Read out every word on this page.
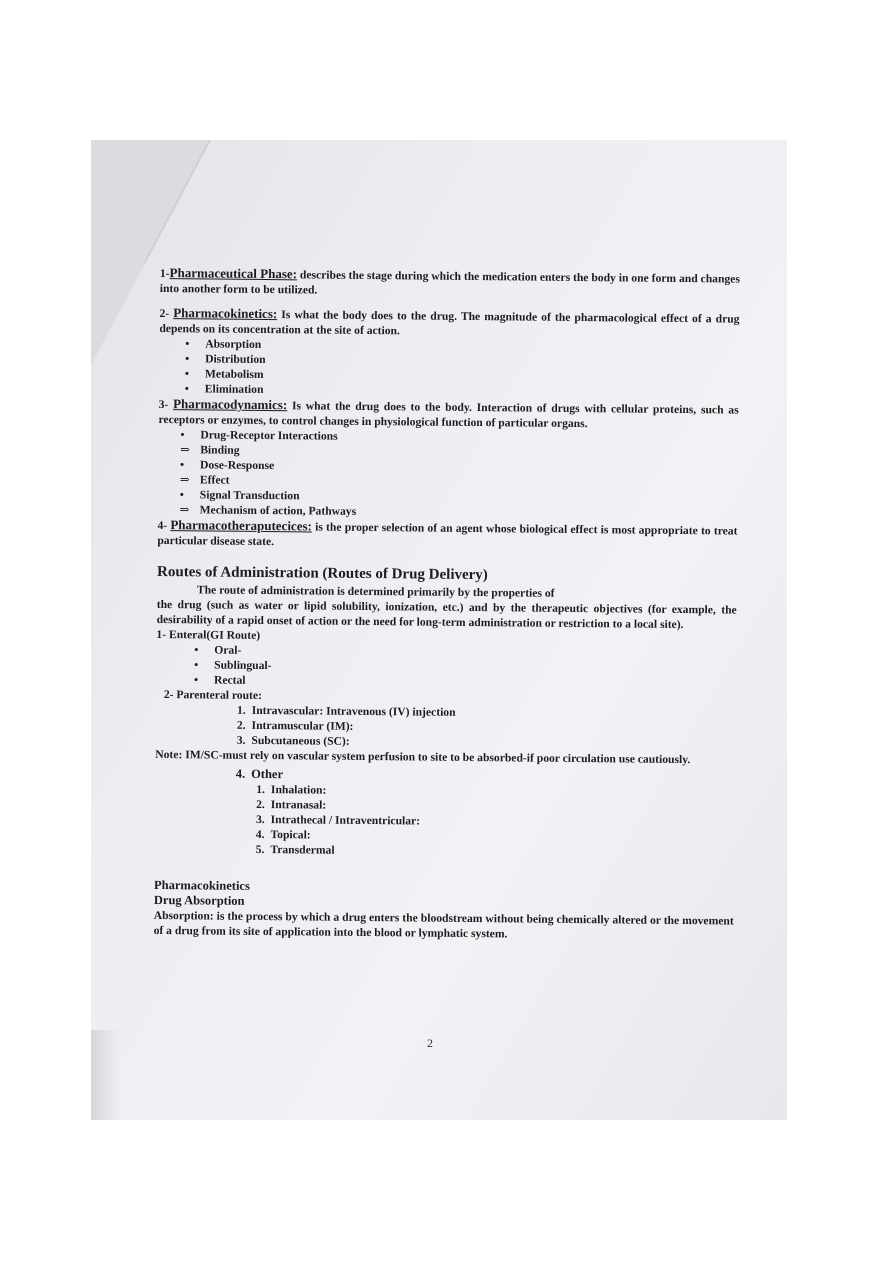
1-Pharmaceutical Phase: describes the stage during which the medication enters the body in one form and changes into another form to be utilized.

2- Pharmacokinetics: Is what the body does to the drug. The magnitude of the pharmacological effect of a drug depends on its concentration at the site of action.

• Absorption
• Distribution
• Metabolism
• Elimination

3- Pharmacodynamics: Is what the drug does to the body. Interaction of drugs with cellular proteins, such as receptors or enzymes, to control changes in physiological function of particular organs.

• Drug-Receptor Interactions
⇒ Binding
• Dose-Response
⇒ Effect
• Signal Transduction
⇒ Mechanism of action, Pathways

4- Pharmacotheraputecices: is the proper selection of an agent whose biological effect is most appropriate to treat particular disease state.

Routes of Administration (Routes of Drug Delivery)

The route of administration is determined primarily by the properties of

the drug (such as water or lipid solubility, ionization, etc.) and by the therapeutic objectives (for example, the desirability of a rapid onset of action or the need for long-term administration or restriction to a local site).

1- Enteral(GI Route)
• Oral-
• Sublingual-
• Rectal
2- Parenteral route:
1. Intravascular: Intravenous (IV) injection
2. Intramuscular (IM):
3. Subcutaneous (SC):

Note: IM/SC-must rely on vascular system perfusion to site to be absorbed-if poor circulation use cautiously.

4. Other
1. Inhalation:
2. Intranasal:
3. Intrathecal / Intraventricular:
4. Topical:
5. Transdermal
Pharmacokinetics
Drug Absorption

Absorption: is the process by which a drug enters the bloodstream without being chemically altered or the movement of a drug from its site of application into the blood or lymphatic system.

2
